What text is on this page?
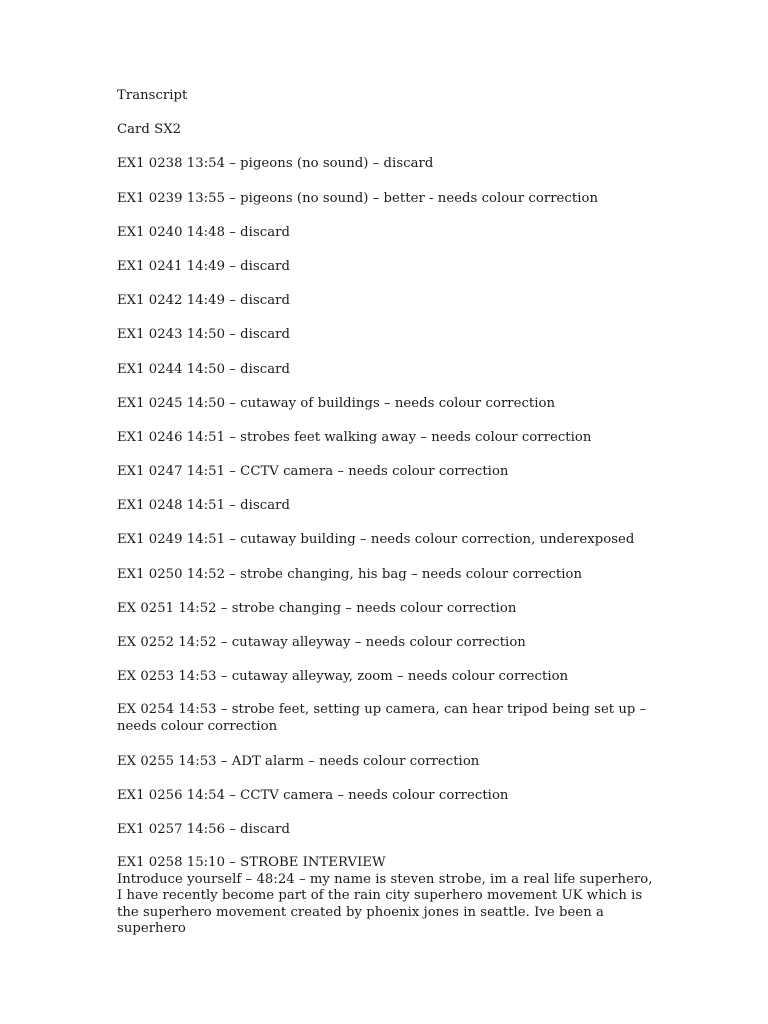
Transcript

Card SX2

EX1 0238 13:54 – pigeons (no sound) – discard

EX1 0239 13:55 – pigeons (no sound) – better - needs colour correction

EX1 0240 14:48 – discard

EX1 0241 14:49 – discard

EX1 0242 14:49 – discard

EX1 0243 14:50 – discard

EX1 0244 14:50 – discard

EX1 0245 14:50 – cutaway of buildings – needs colour correction

EX1 0246 14:51 – strobes feet walking away – needs colour correction

EX1 0247 14:51 – CCTV camera – needs colour correction

EX1 0248 14:51 – discard

EX1 0249 14:51 – cutaway building – needs colour correction, underexposed

EX1 0250 14:52 – strobe changing, his bag – needs colour correction

EX 0251 14:52 – strobe changing – needs colour correction

EX 0252 14:52 – cutaway alleyway – needs colour correction

EX 0253 14:53 – cutaway alleyway, zoom – needs colour correction

EX 0254 14:53 – strobe feet, setting up camera, can hear tripod being set up – needs colour correction

EX 0255 14:53 – ADT alarm – needs colour correction

EX1 0256 14:54 – CCTV camera – needs colour correction

EX1 0257 14:56 – discard

EX1 0258 15:10 – STROBE INTERVIEW
Introduce yourself – 48:24 – my name is steven strobe, im a real life superhero, I have recently become part of the rain city superhero movement UK which is the superhero movement created by phoenix jones in seattle. Ive been a superhero
